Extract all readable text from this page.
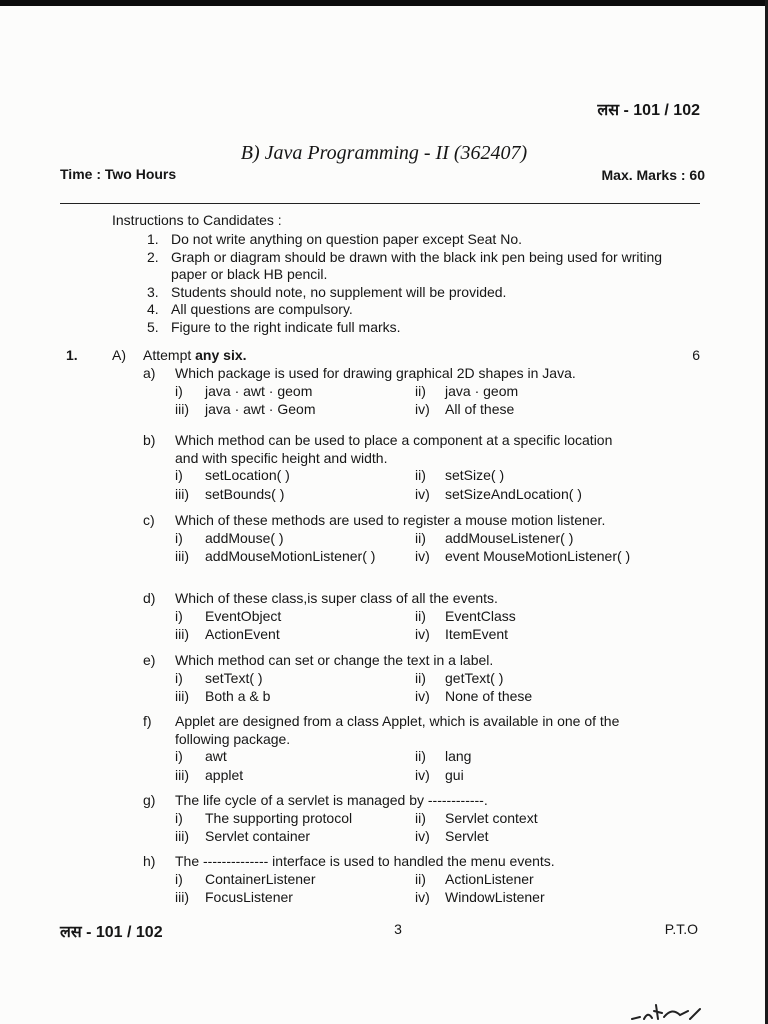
लस - 101 / 102
B) Java Programming - II (362407)
Time : Two Hours	Max. Marks : 60
Instructions to Candidates :
1. Do not write anything on question paper except Seat No.
2. Graph or diagram should be drawn with the black ink pen being used for writing paper or black HB pencil.
3. Students should note, no supplement will be provided.
4. All questions are compulsory.
5. Figure to the right indicate full marks.
1. A) Attempt any six.	6
a) Which package is used for drawing graphical 2D shapes in Java.
i) java · awt · geom	ii) java · geom
iii) java · awt · Geom	iv) All of these
b) Which method can be used to place a component at a specific location and with specific height and width.
i) setLocation( )	ii) setSize( )
iii) setBounds( )	iv) setSizeAndLocation( )
c) Which of these methods are used to register a mouse motion listener.
i) addMouse( )	ii) addMouseListener( )
iii) addMouseMotionListener( )	iv) event MouseMotionListener( )
d) Which of these class,is super class of all the events.
i) EventObject	ii) EventClass
iii) ActionEvent	iv) ItemEvent
e) Which method can set or change the text in a label.
i) setText( )	ii) getText( )
iii) Both a & b	iv) None of these
f) Applet are designed from a class Applet, which is available in one of the following package.
i) awt	ii) lang
iii) applet	iv) gui
g) The life cycle of a servlet is managed by ------------.
i) The supporting protocol	ii) Servlet context
iii) Servlet container	iv) Servlet
h) The -------------- interface is used to handled the menu events.
i) ContainerListener	ii) ActionListener
iii) FocusListener	iv) WindowListener
लस - 101 / 102	3	P.T.O
